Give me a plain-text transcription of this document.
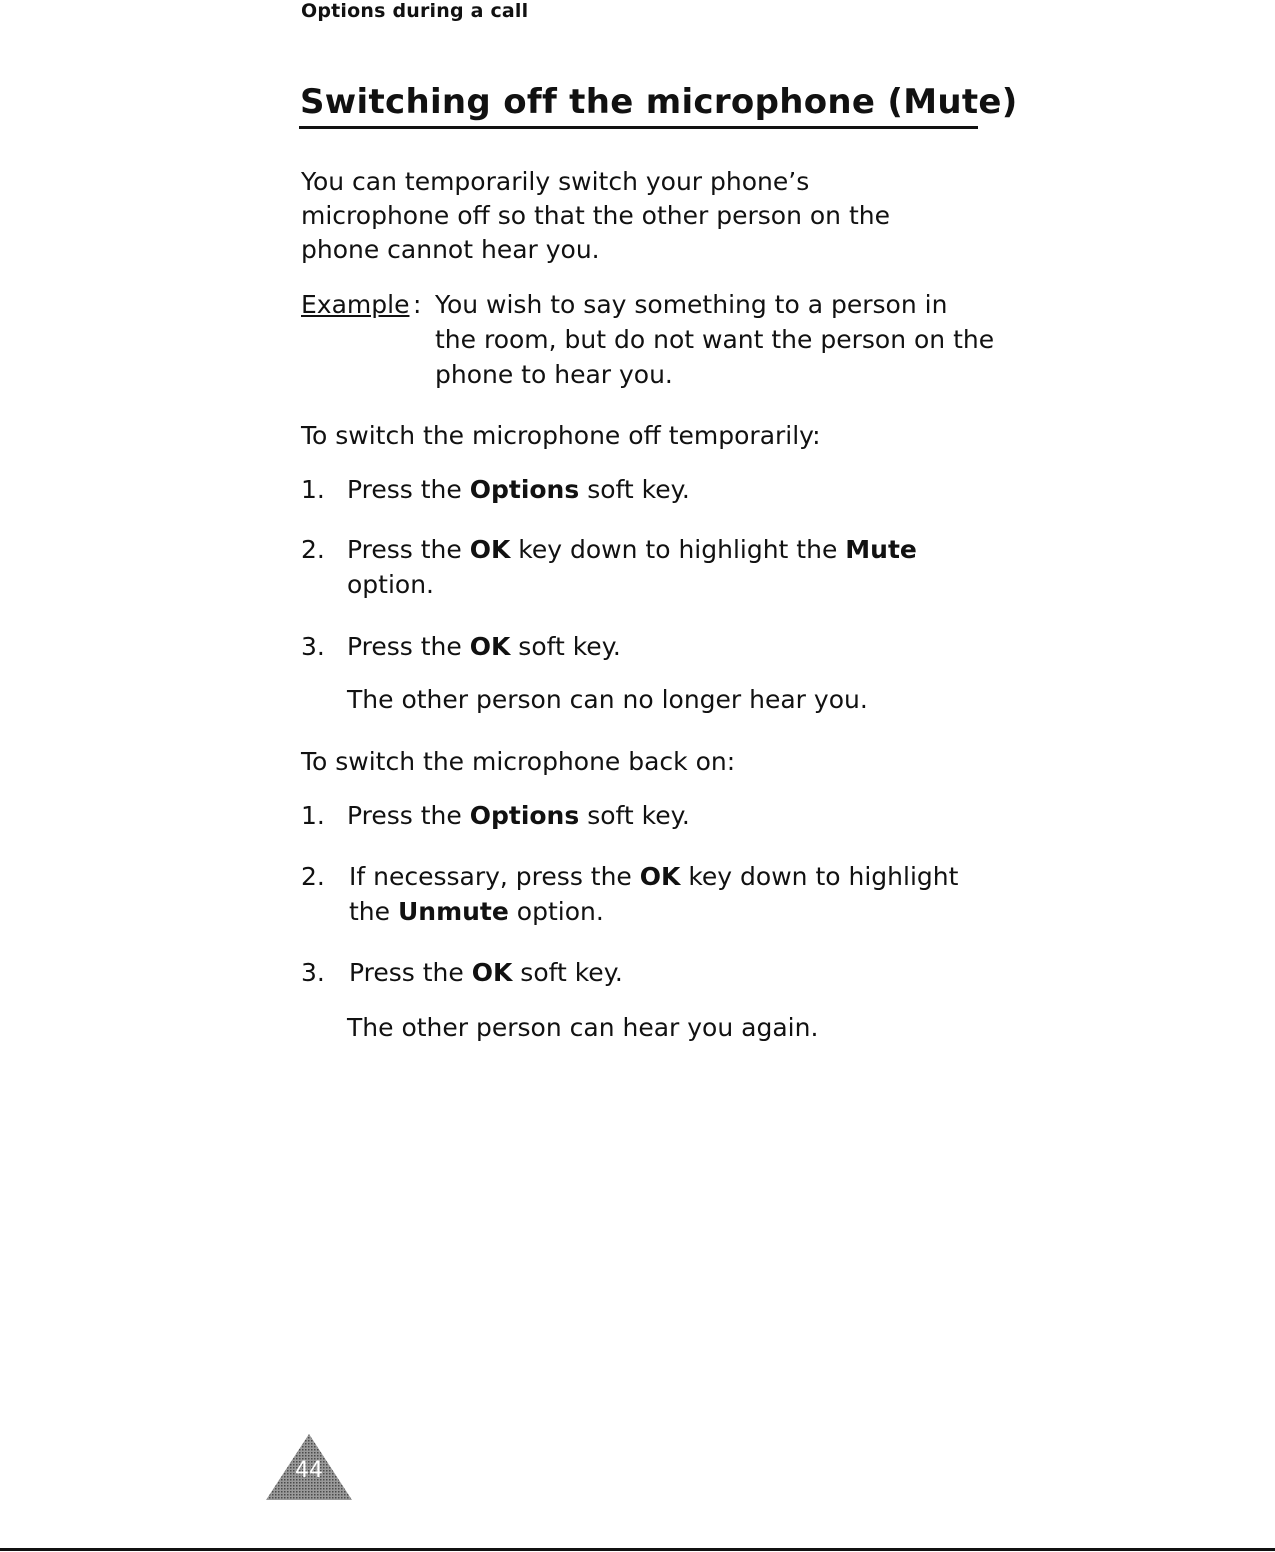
Options during a call
Switching off the microphone (Mute)

You can temporarily switch your phone’s microphone off so that the other person on the phone cannot hear you.

Example : You wish to say something to a person in the room, but do not want the person on the phone to hear you.

To switch the microphone off temporarily:

1. Press the Options soft key.
2. Press the OK key down to highlight the Mute option.
3. Press the OK soft key.

The other person can no longer hear you.

To switch the microphone back on:

1. Press the Options soft key.
If necessary, press the OK key down to highlight the Unmute option.
2.
3. Press the OK soft key.

The other person can hear you again.

44
